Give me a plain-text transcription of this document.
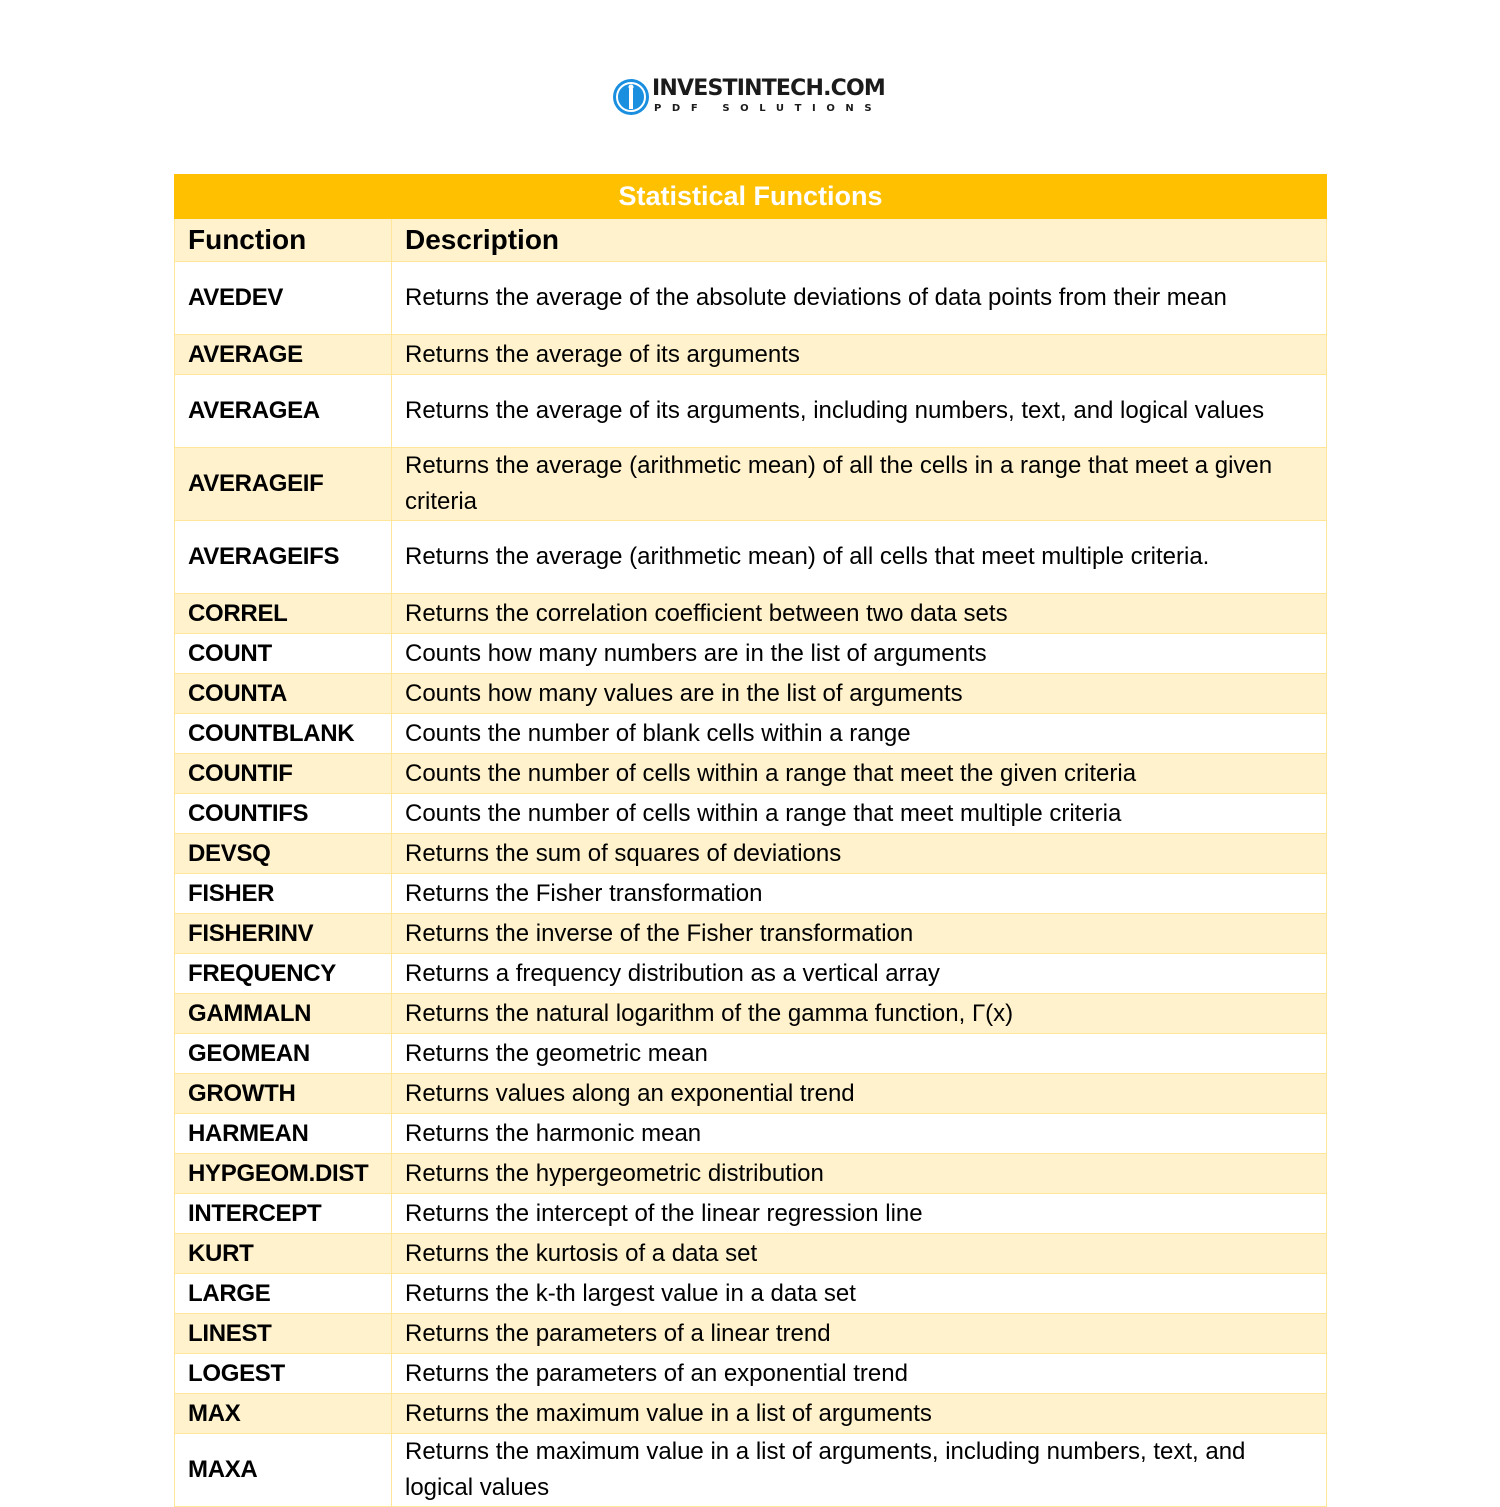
INVESTINTECH.COM
PDF SOLUTIONS
Statistical Functions	
Function	Description
AVEDEV	Returns the average of the absolute deviations of data points from their mean
AVERAGE	Returns the average of its arguments
AVERAGEA	Returns the average of its arguments, including numbers, text, and logical values
AVERAGEIF	Returns the average (arithmetic mean) of all the cells in a range that meet a given criteria
AVERAGEIFS	Returns the average (arithmetic mean) of all cells that meet multiple criteria.
CORREL	Returns the correlation coefficient between two data sets
COUNT	Counts how many numbers are in the list of arguments
COUNTA	Counts how many values are in the list of arguments
COUNTBLANK	Counts the number of blank cells within a range
COUNTIF	Counts the number of cells within a range that meet the given criteria
COUNTIFS	Counts the number of cells within a range that meet multiple criteria
DEVSQ	Returns the sum of squares of deviations
FISHER	Returns the Fisher transformation
FISHERINV	Returns the inverse of the Fisher transformation
FREQUENCY	Returns a frequency distribution as a vertical array
GAMMALN	Returns the natural logarithm of the gamma function, Γ(x)
GEOMEAN	Returns the geometric mean
GROWTH	Returns values along an exponential trend
HARMEAN	Returns the harmonic mean
HYPGEOM.DIST	Returns the hypergeometric distribution
INTERCEPT	Returns the intercept of the linear regression line
KURT	Returns the kurtosis of a data set
LARGE	Returns the k-th largest value in a data set
LINEST	Returns the parameters of a linear trend
LOGEST	Returns the parameters of an exponential trend
MAX	Returns the maximum value in a list of arguments
MAXA	Returns the maximum value in a list of arguments, including numbers, text, and logical values
